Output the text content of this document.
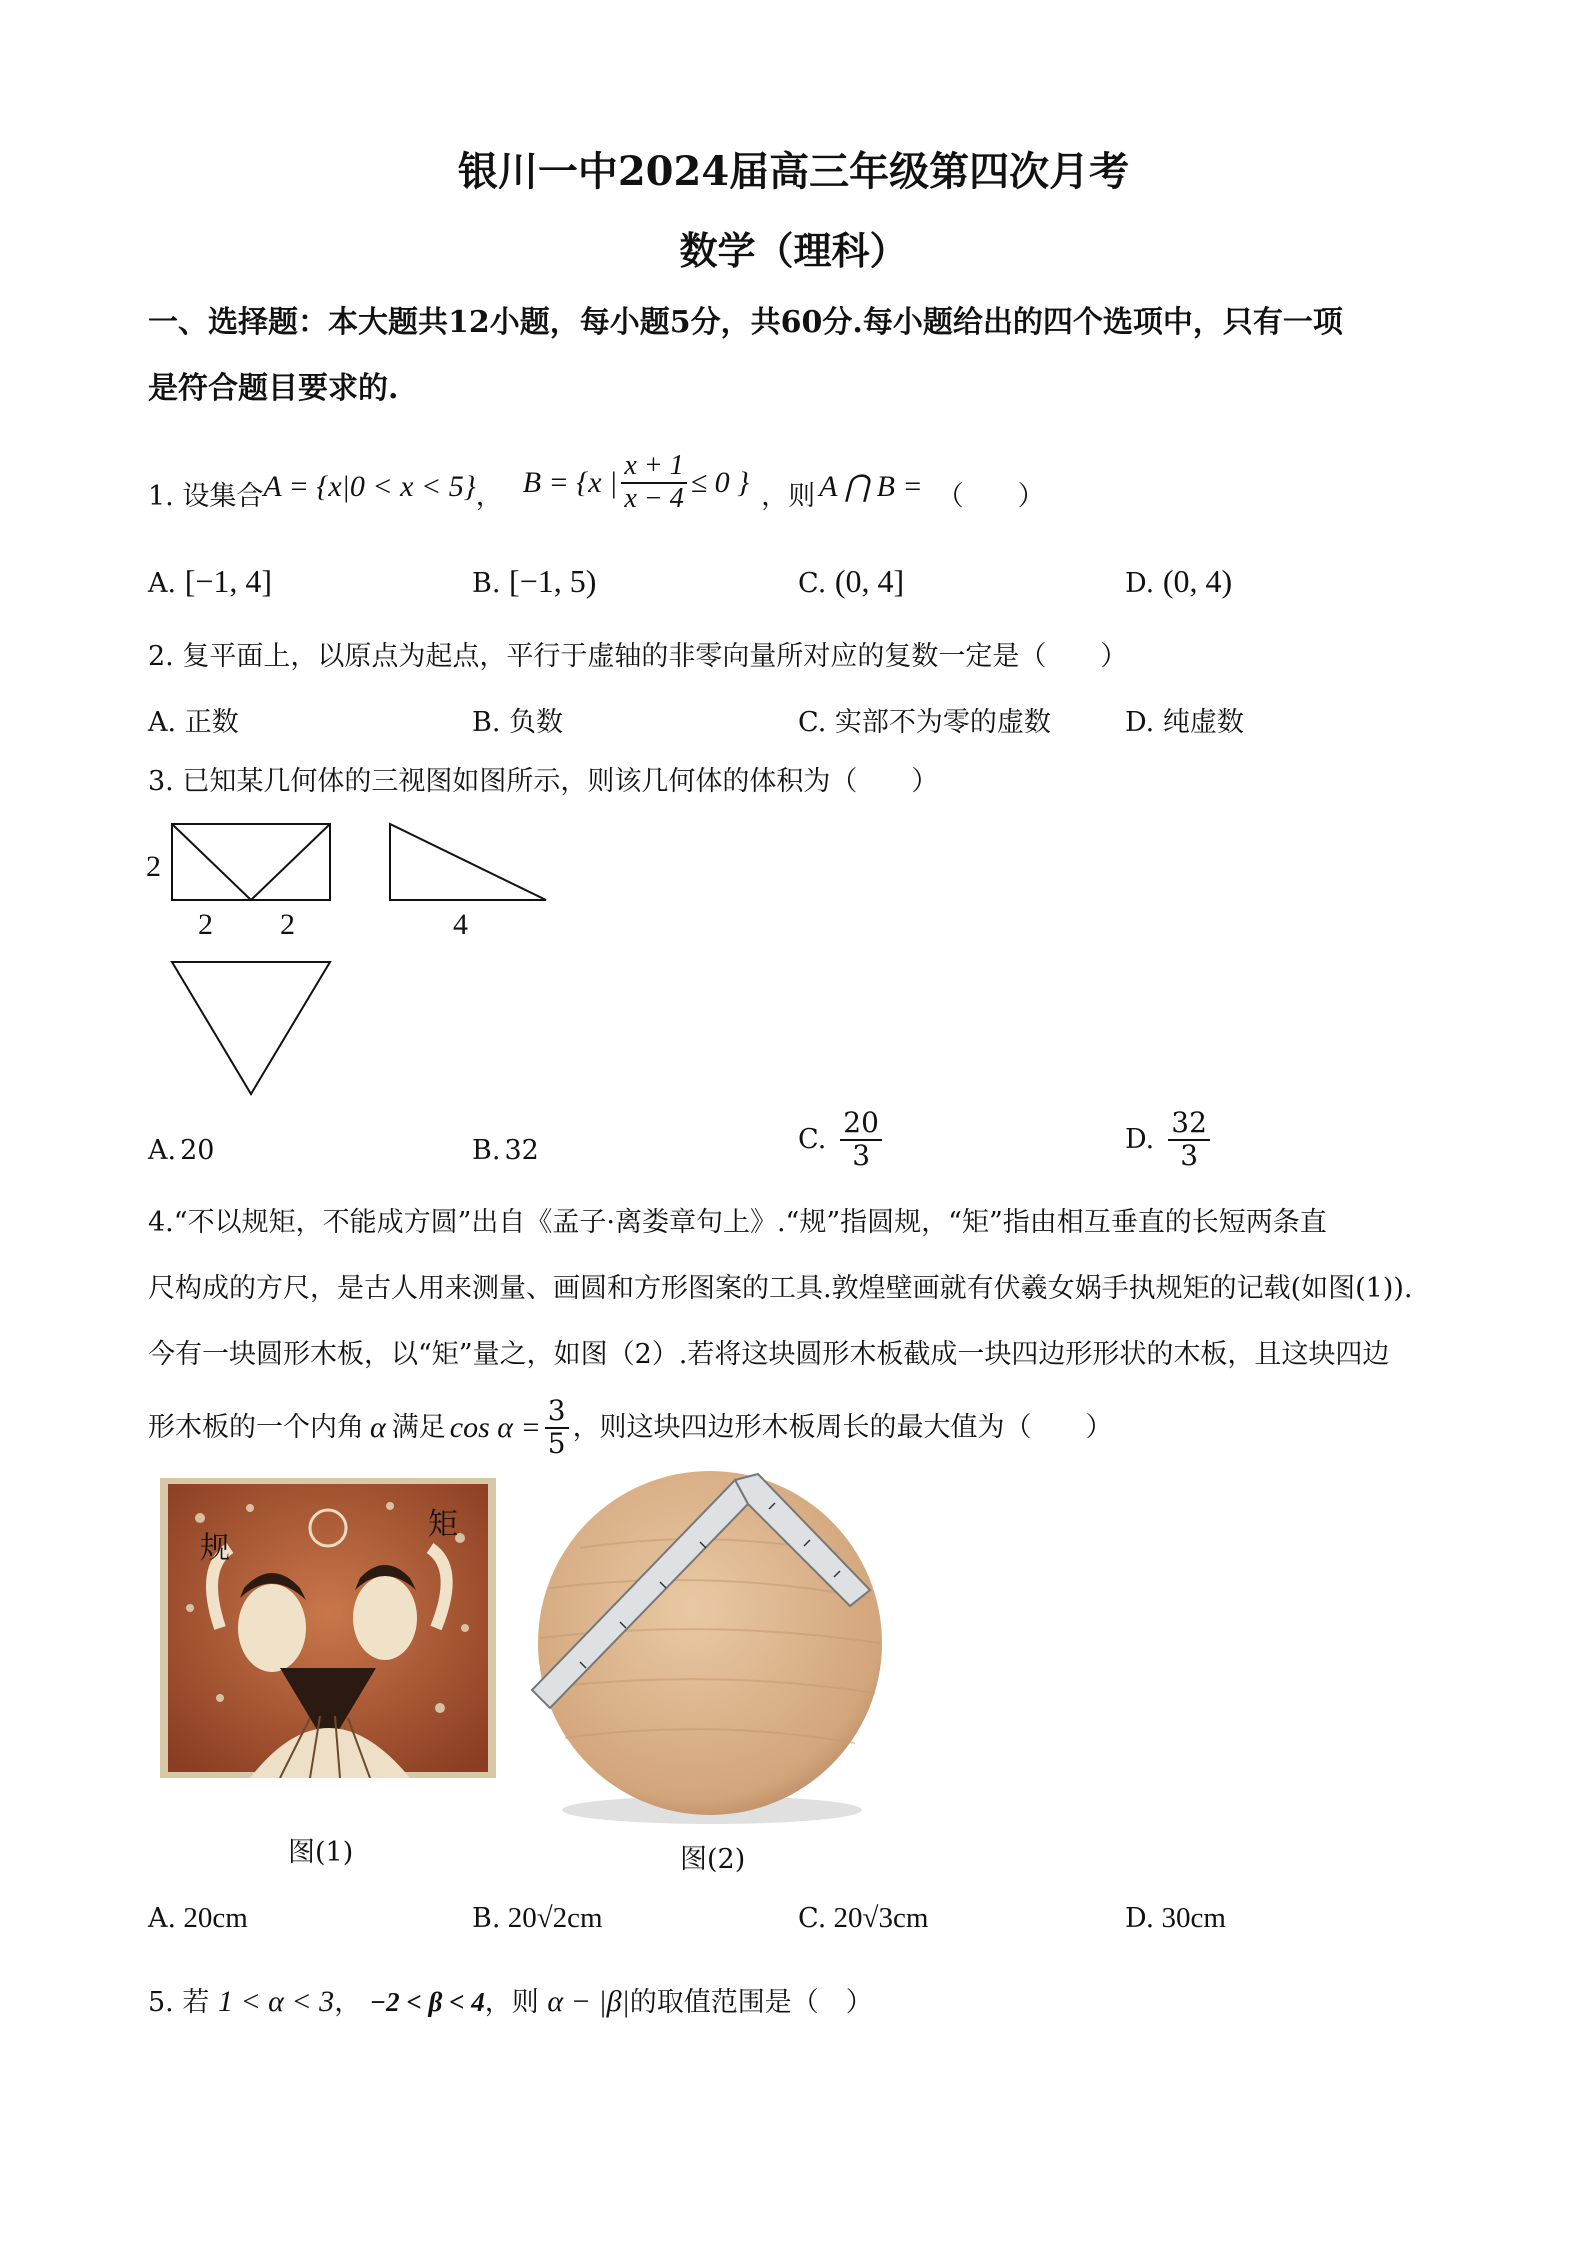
银川一中2024届高三年级第四次月考
数学（理科）
一、选择题：本大题共12小题，每小题5分，共60分.每小题给出的四个选项中，只有一项
是符合题目要求的.
1. 设集合 A = {x|0 < x < 5} ， B = {x | $\frac{x + 1}{x - 4} \le 0$ } ，则 A ⋂ B = （　　）
A. [−1, 4]	B. [−1, 5)	C. (0, 4]	D. (0, 4)
2. 复平面上，以原点为起点，平行于虚轴的非零向量所对应的复数一定是（　　）
A. 正数	B. 负数	C. 实部不为零的虚数	D. 纯虚数
3. 已知某几何体的三视图如图所示，则该几何体的体积为（　　）
2
2 2	4
A. 20	B. 32	C. $\frac{20}{3}$	D. $\frac{32}{3}$
4.“不以规矩，不能成方圆”出自《孟子·离娄章句上》.“规”指圆规，“矩”指由相互垂直的长短两条直
尺构成的方尺，是古人用来测量、画圆和方形图案的工具.敦煌壁画就有伏羲女娲手执规矩的记载(如图(1)).
今有一块圆形木板，以“矩”量之，如图（2）.若将这块圆形木板截成一块四边形形状的木板，且这块四边
形木板的一个内角 α 满足 $\cos \alpha = \frac{3}{5}$ ，则这块四边形木板周长的最大值为（　　）
规
矩
图(1)	图(2)
A. 20cm	B. 20√2cm	C. 20√3cm	D. 30cm
5. 若 1 < α < 3， −2 < β < 4，则 α − |β|的取值范围是（　）
